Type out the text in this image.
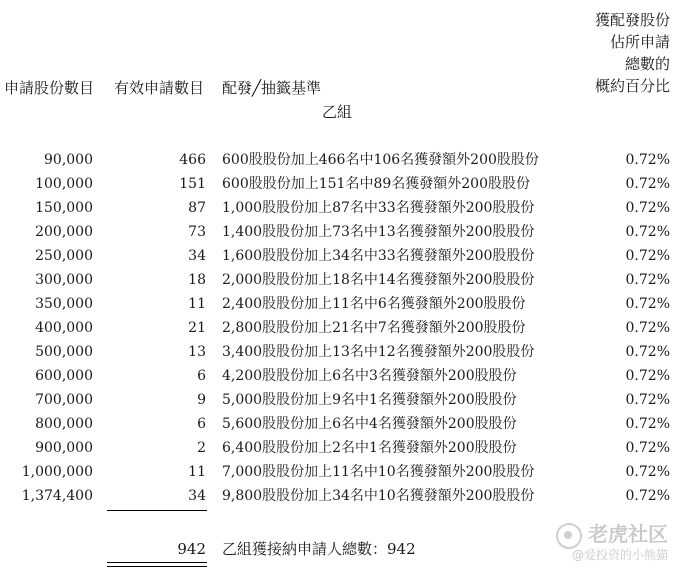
申請股份數目 有效申請數目 配發╱抽籤基準
乙組
獲配發股份
佔所申請
總數的
概約百分比
90,000	466 600股股份加上466名中106名獲發額外200股股份	0.72%
100,000	151 600股股份加上151名中89名獲發額外200股股份	0.72%
150,000	87 1,000股股份加上87名中33名獲發額外200股股份	0.72%
200,000	73 1,400股股份加上73名中13名獲發額外200股股份	0.72%
250,000	34 1,600股股份加上34名中33名獲發額外200股股份	0.72%
300,000	18 2,000股股份加上18名中14名獲發額外200股股份	0.72%
350,000	11 2,400股股份加上11名中6名獲發額外200股股份	0.72%
400,000	21 2,800股股份加上21名中7名獲發額外200股股份	0.72%
500,000	13 3,400股股份加上13名中12名獲發額外200股股份	0.72%
600,000	6 4,200股股份加上6名中3名獲發額外200股股份	0.72%
700,000	9 5,000股股份加上9名中1名獲發額外200股股份	0.72%
800,000	6 5,600股股份加上6名中4名獲發額外200股股份	0.72%
900,000	2 6,400股股份加上2名中1名獲發額外200股股份	0.72%
1,000,000	11 7,000股股份加上11名中10名獲發額外200股股份	0.72%
1,374,400	34 9,800股股份加上34名中10名獲發額外200股股份	0.72%
942 乙組獲接納申請人總數：942
老虎社区
@爱投资的小熊猫
